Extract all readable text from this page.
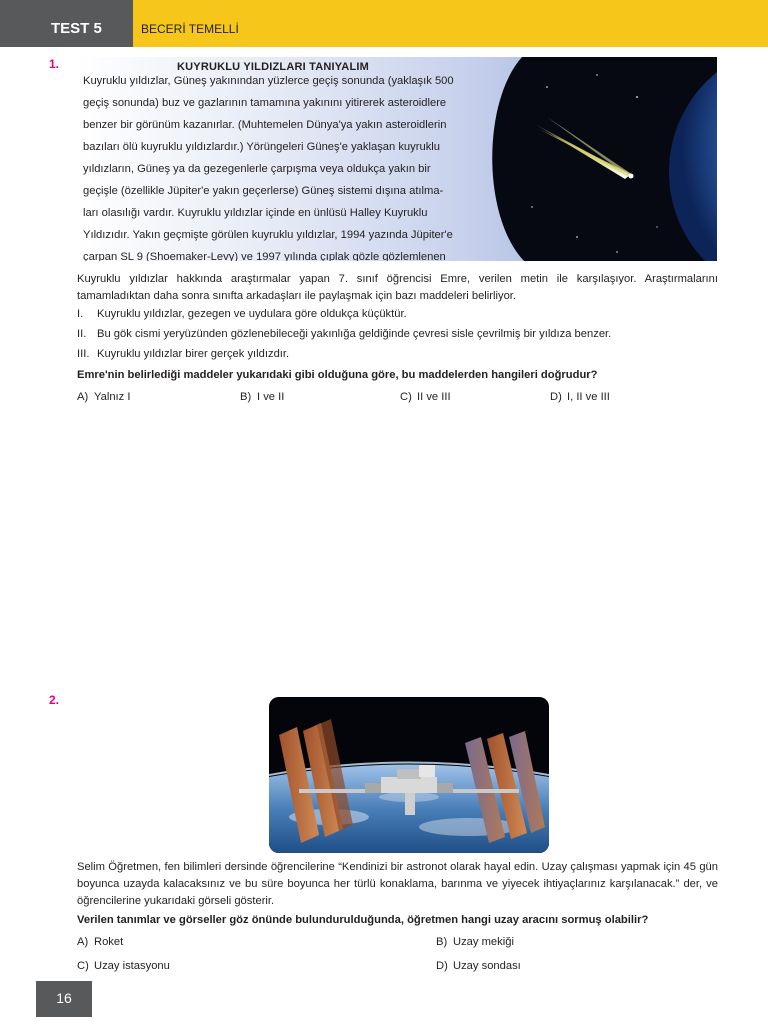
TEST 5	BECERİ TEMELLİ
1.	KUYRUKLU YILDIZLARI TANIYALIM
Kuyruklu yıldızlar, Güneş yakınından yüzlerce geçiş sonunda (yaklaşık 500
geçiş sonunda) buz ve gazlarının tamamına yakınını yitirerek asteroidlere
benzer bir görünüm kazanırlar. (Muhtemelen Dünya'ya yakın asteroidlerin
bazıları ölü kuyruklu yıldızlardır.) Yörüngeleri Güneş'e yaklaşan kuyruklu
yıldızların, Güneş ya da gezegenlerle çarpışma veya oldukça yakın bir
geçişle (özellikle Jüpiter'e yakın geçerlerse) Güneş sistemi dışına atılma-
ları olasılığı vardır. Kuyruklu yıldızlar içinde en ünlüsü Halley Kuyruklu
Yıldızıdır. Yakın geçmişte görülen kuyruklu yıldızlar, 1994 yazında Jüpiter'e
çarpan SL 9 (Shoemaker-Levy) ve 1997 yılında çıplak gözle gözlemlenen
Kuyruklu yıldızlar hakkında araştırmalar yapan 7. sınıf öğrencisi Emre, verilen metin ile karşılaşıyor. Araştırmalarını tamamladıktan daha sonra sınıfta arkadaşları ile paylaşmak için bazı maddeleri belirliyor.
I. Kuyruklu yıldızlar, gezegen ve uydulara göre oldukça küçüktür.
II. Bu gök cismi yeryüzünden gözlenebileceği yakınlığa geldiğinde çevresi sisle çevrilmiş bir yıldıza benzer.
III. Kuyruklu yıldızlar birer gerçek yıldızdır.
Emre'nin belirlediği maddeler yukarıdaki gibi olduğuna göre, bu maddelerden hangileri doğrudur?
A) Yalnız I	B) I ve II	C) II ve III	D) I, II ve III
2.
Selim Öğretmen, fen bilimleri dersinde öğrencilerine “Kendinizi bir astronot olarak hayal edin. Uzay çalışması yapmak için 45 gün boyunca uzayda kalacaksınız ve bu süre boyunca her türlü konaklama, barınma ve yiyecek ihtiyaçlarınız karşılanacak.” der, ve öğrencilerine yukarıdaki görseli gösterir.
Verilen tanımlar ve görseller göz önünde bulundurulduğunda, öğretmen hangi uzay aracını sormuş olabilir?
A) Roket	B) Uzay mekiği
C) Uzay istasyonu	D) Uzay sondası
16
